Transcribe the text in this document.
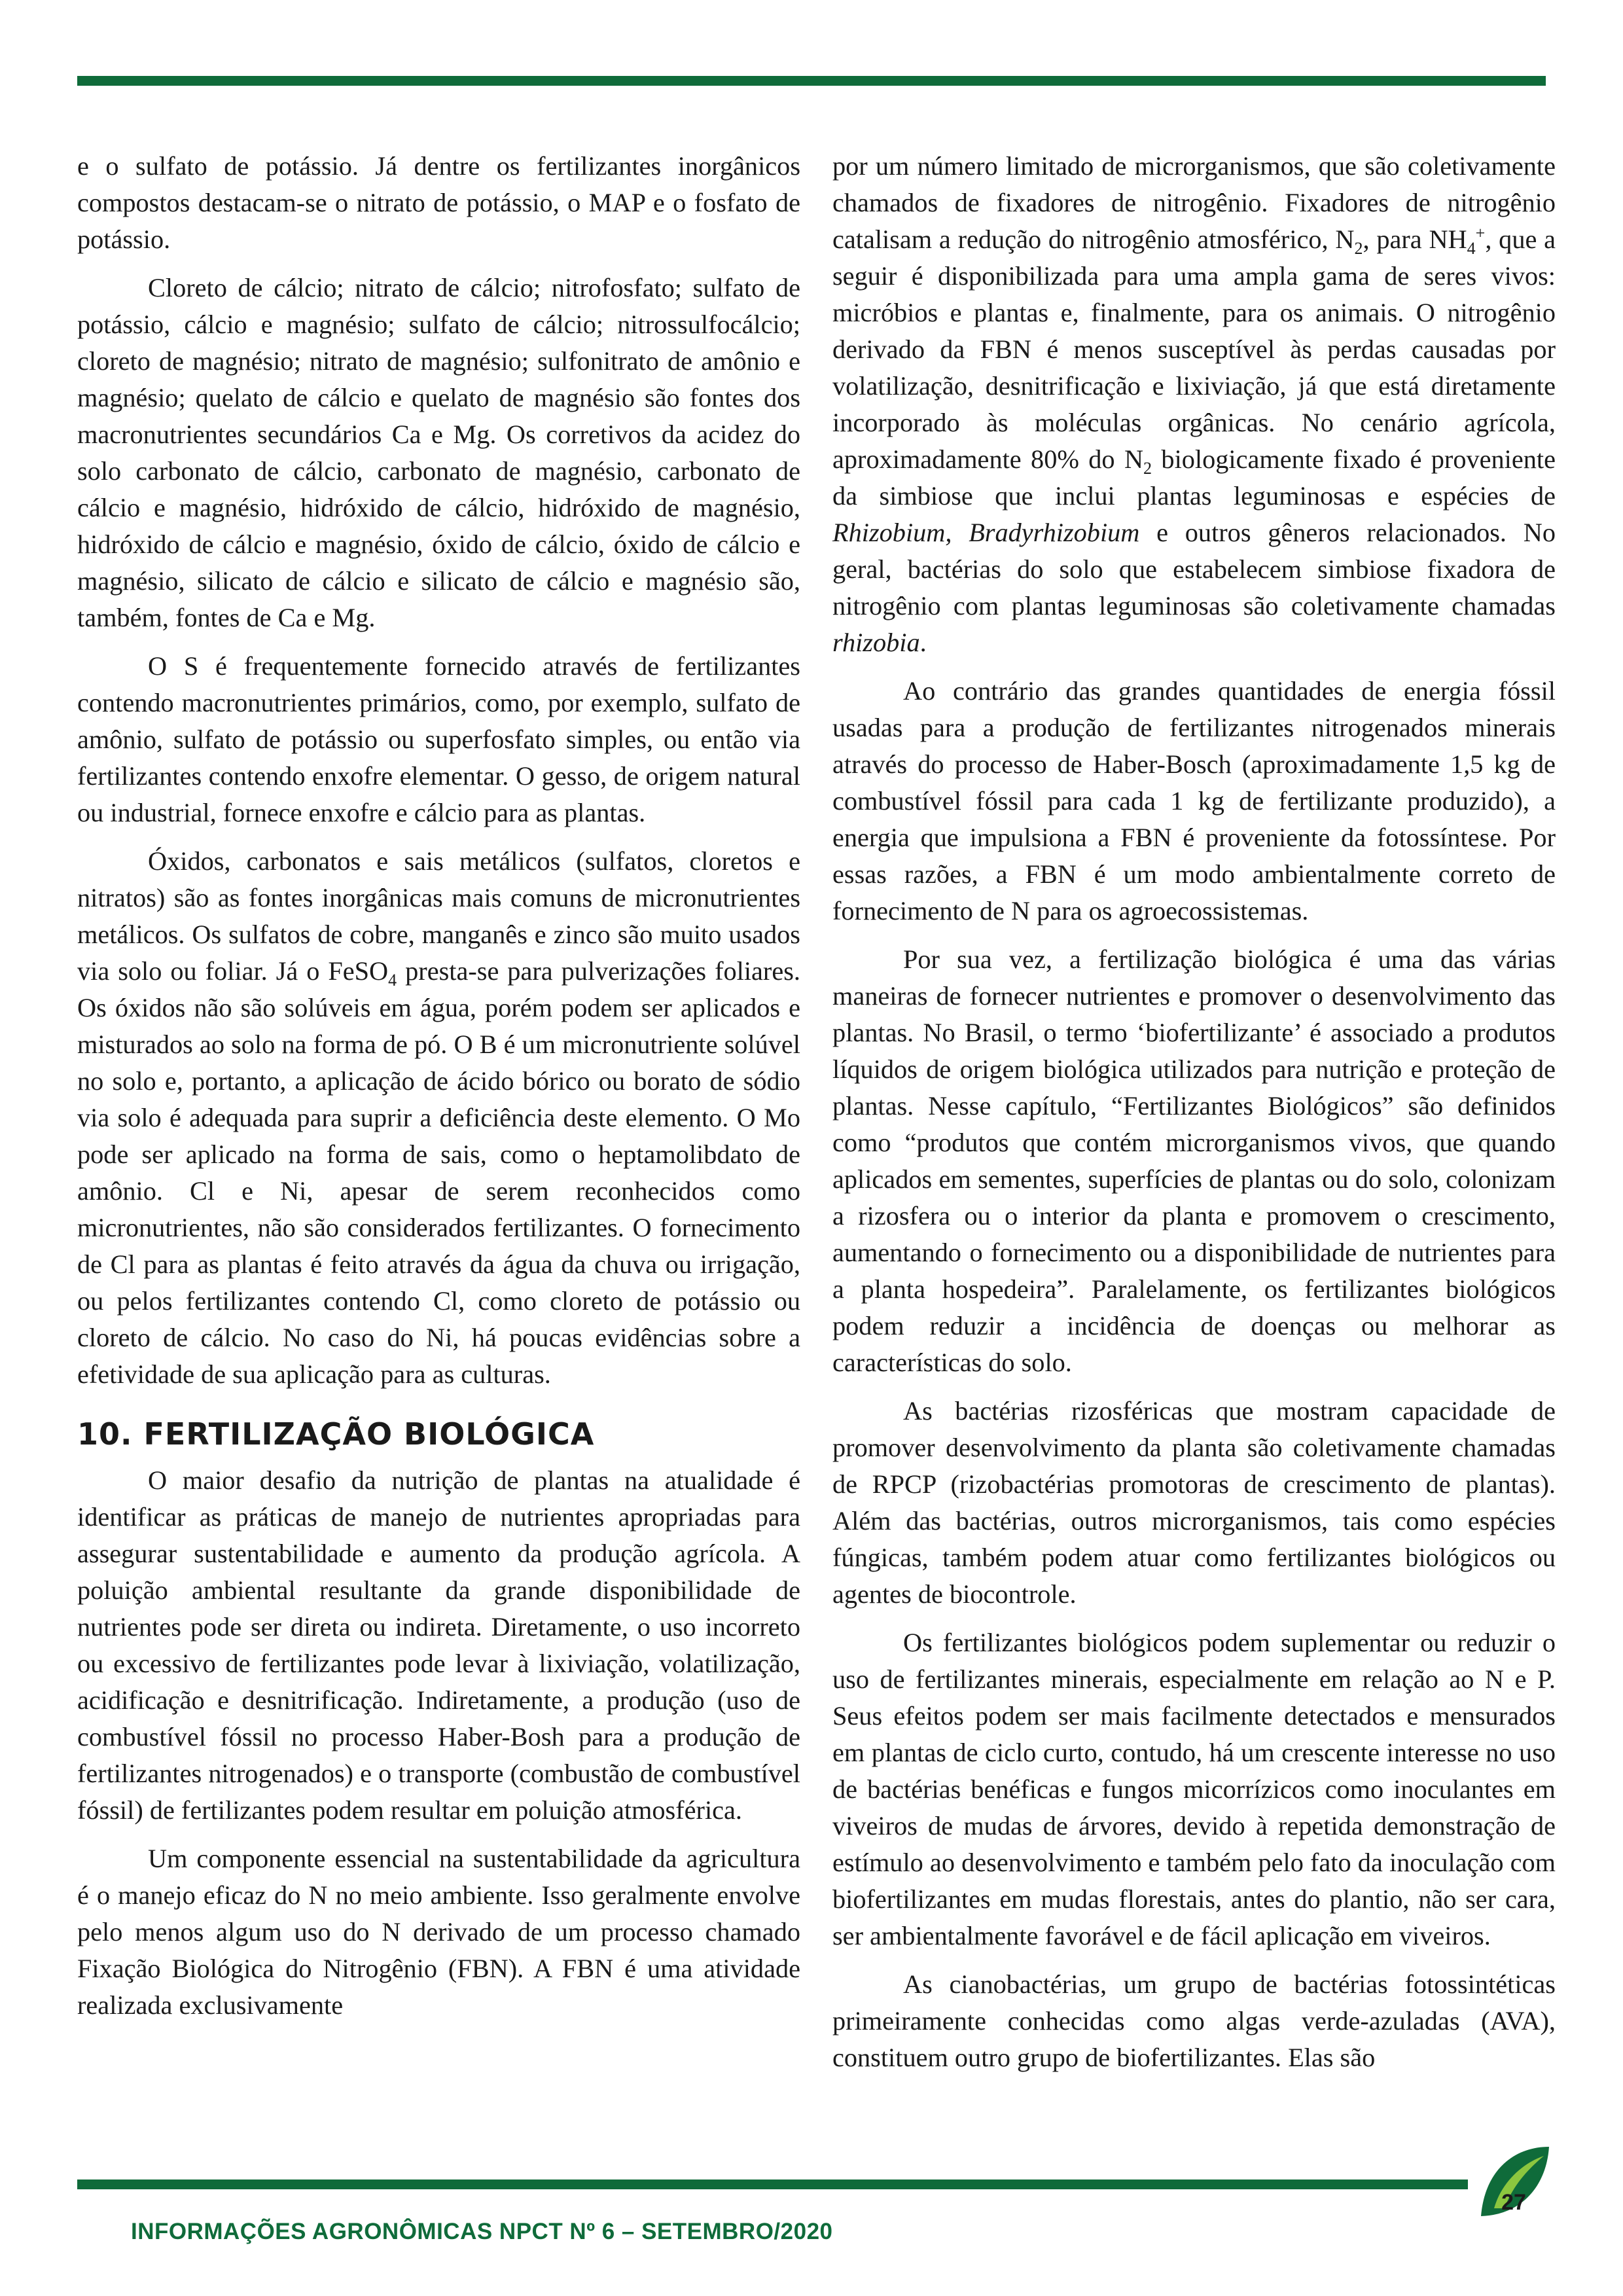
e o sulfato de potássio. Já dentre os fertilizantes inorgânicos compostos destacam-se o nitrato de potássio, o MAP e o fosfato de potássio.

Cloreto de cálcio; nitrato de cálcio; nitrofosfato; sulfato de potássio, cálcio e magnésio; sulfato de cálcio; nitrossulfocálcio; cloreto de magnésio; nitrato de magnésio; sulfonitrato de amônio e magnésio; quelato de cálcio e quelato de magnésio são fontes dos macronutrientes secundários Ca e Mg. Os corretivos da acidez do solo carbonato de cálcio, carbonato de magnésio, carbonato de cálcio e magnésio, hidróxido de cálcio, hidróxido de magnésio, hidróxido de cálcio e magnésio, óxido de cálcio, óxido de cálcio e magnésio, silicato de cálcio e silicato de cálcio e magnésio são, também, fontes de Ca e Mg.

O S é frequentemente fornecido através de fertilizantes contendo macronutrientes primários, como, por exemplo, sulfato de amônio, sulfato de potássio ou superfosfato simples, ou então via fertilizantes contendo enxofre elementar. O gesso, de origem natural ou industrial, fornece enxofre e cálcio para as plantas.

Óxidos, carbonatos e sais metálicos (sulfatos, cloretos e nitratos) são as fontes inorgânicas mais comuns de micronutrientes metálicos. Os sulfatos de cobre, manganês e zinco são muito usados via solo ou foliar. Já o FeSO$_4$ presta-se para pulverizações foliares. Os óxidos não são solúveis em água, porém podem ser aplicados e misturados ao solo na forma de pó. O B é um micronutriente solúvel no solo e, portanto, a aplicação de ácido bórico ou borato de sódio via solo é adequada para suprir a deficiência deste elemento. O Mo pode ser aplicado na forma de sais, como o heptamolibdato de amônio. Cl e Ni, apesar de serem reconhecidos como micronutrientes, não são considerados fertilizantes. O fornecimento de Cl para as plantas é feito através da água da chuva ou irrigação, ou pelos fertilizantes contendo Cl, como cloreto de potássio ou cloreto de cálcio. No caso do Ni, há poucas evidências sobre a efetividade de sua aplicação para as culturas.

10. FERTILIZAÇÃO BIOLÓGICA

O maior desafio da nutrição de plantas na atualidade é identificar as práticas de manejo de nutrientes apropriadas para assegurar sustentabilidade e aumento da produção agrícola. A poluição ambiental resultante da grande disponibilidade de nutrientes pode ser direta ou indireta. Diretamente, o uso incorreto ou excessivo de fertilizantes pode levar à lixiviação, volatilização, acidificação e desnitrificação. Indiretamente, a produção (uso de combustível fóssil no processo Haber-Bosh para a produção de fertilizantes nitrogenados) e o transporte (combustão de combustível fóssil) de fertilizantes podem resultar em poluição atmosférica.

Um componente essencial na sustentabilidade da agricultura é o manejo eficaz do N no meio ambiente. Isso geralmente envolve pelo menos algum uso do N derivado de um processo chamado Fixação Biológica do Nitrogênio (FBN). A FBN é uma atividade realizada exclusivamente

por um número limitado de microrganismos, que são coletivamente chamados de fixadores de nitrogênio. Fixadores de nitrogênio catalisam a redução do nitrogênio atmosférico, $N_2$, para $NH_4^+$, que a seguir é disponibilizada para uma ampla gama de seres vivos: micróbios e plantas e, finalmente, para os animais. O nitrogênio derivado da FBN é menos susceptível às perdas causadas por volatilização, desnitrificação e lixiviação, já que está diretamente incorporado às moléculas orgânicas. No cenário agrícola, aproximadamente 80% do $N_2$ biologicamente fixado é proveniente da simbiose que inclui plantas leguminosas e espécies de Rhizobium, Bradyrhizobium e outros gêneros relacionados. No geral, bactérias do solo que estabelecem simbiose fixadora de nitrogênio com plantas leguminosas são coletivamente chamadas rhizobia.

Ao contrário das grandes quantidades de energia fóssil usadas para a produção de fertilizantes nitrogenados minerais através do processo de Haber-Bosch (aproximadamente 1,5 kg de combustível fóssil para cada 1 kg de fertilizante produzido), a energia que impulsiona a FBN é proveniente da fotossíntese. Por essas razões, a FBN é um modo ambientalmente correto de fornecimento de N para os agroecossistemas.

Por sua vez, a fertilização biológica é uma das várias maneiras de fornecer nutrientes e promover o desenvolvimento das plantas. No Brasil, o termo ‘biofertilizante’ é associado a produtos líquidos de origem biológica utilizados para nutrição e proteção de plantas. Nesse capítulo, “Fertilizantes Biológicos” são definidos como “produtos que contém microrganismos vivos, que quando aplicados em sementes, superfícies de plantas ou do solo, colonizam a rizosfera ou o interior da planta e promovem o crescimento, aumentando o fornecimento ou a disponibilidade de nutrientes para a planta hospedeira”. Paralelamente, os fertilizantes biológicos podem reduzir a incidência de doenças ou melhorar as características do solo.

As bactérias rizosféricas que mostram capacidade de promover desenvolvimento da planta são coletivamente chamadas de RPCP (rizobactérias promotoras de crescimento de plantas). Além das bactérias, outros microrganismos, tais como espécies fúngicas, também podem atuar como fertilizantes biológicos ou agentes de biocontrole.

Os fertilizantes biológicos podem suplementar ou reduzir o uso de fertilizantes minerais, especialmente em relação ao N e P. Seus efeitos podem ser mais facilmente detectados e mensurados em plantas de ciclo curto, contudo, há um crescente interesse no uso de bactérias benéficas e fungos micorrízicos como inoculantes em viveiros de mudas de árvores, devido à repetida demonstração de estímulo ao desenvolvimento e também pelo fato da inoculação com biofertilizantes em mudas florestais, antes do plantio, não ser cara, ser ambientalmente favorável e de fácil aplicação em viveiros.

As cianobactérias, um grupo de bactérias fotossintéticas primeiramente conhecidas como algas verde-azuladas (AVA), constituem outro grupo de biofertilizantes. Elas são

INFORMAÇÕES AGRONÔMICAS NPCT Nº 6 – SETEMBRO/2020
27
